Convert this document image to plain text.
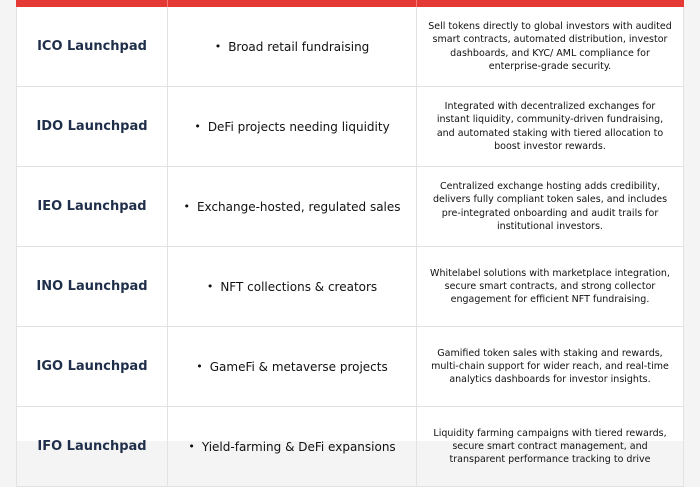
ICO Launchpad	• Broad retail fundraising
Sell tokens directly to global investors with audited smart contracts, automated distribution, investor dashboards, and KYC/ AML compliance for enterprise-grade security.
IDO Launchpad	• DeFi projects needing liquidity
Integrated with decentralized exchanges for instant liquidity, community-driven fundraising, and automated staking with tiered allocation to boost investor rewards.
IEO Launchpad	• Exchange-hosted, regulated sales
Centralized exchange hosting adds credibility, delivers fully compliant token sales, and includes pre-integrated onboarding and audit trails for institutional investors.
INO Launchpad	• NFT collections & creators
Whitelabel solutions with marketplace integration, secure smart contracts, and strong collector engagement for efficient NFT fundraising.
IGO Launchpad	• GameFi & metaverse projects
Gamified token sales with staking and rewards, multi-chain support for wider reach, and real-time analytics dashboards for investor insights.
IFO Launchpad	• Yield-farming & DeFi expansions
Liquidity farming campaigns with tiered rewards, secure smart contract management, and transparent performance tracking to drive
